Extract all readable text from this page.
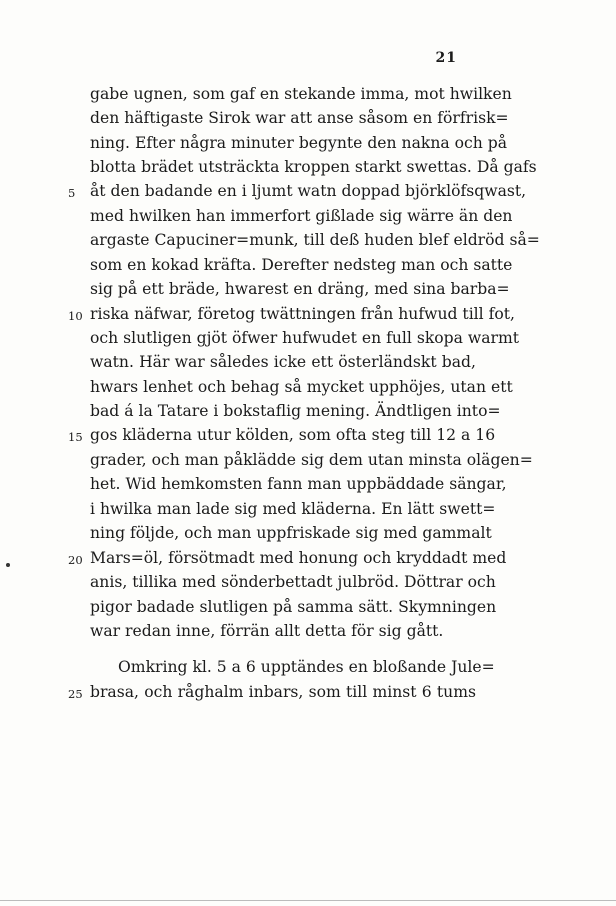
21
gabe ugnen, som gaf en stekande imma, mot hwilken
den häftigaste Sirok war att anse såsom en förfrisk=
ning. Efter några minuter begynte den nakna och på
blotta brädet utsträckta kroppen starkt swettas. Då gafs
åt den badande en i ljumt watn doppad björklöfsqwast,
5
med hwilken han immerfort gißlade sig wärre än den
argaste Capuciner=munk, till deß huden blef eldröd så=
som en kokad kräfta. Derefter nedsteg man och satte
sig på ett bräde, hwarest en dräng, med sina barba=
riska näfwar, företog twättningen från hufwud till fot,
10
och slutligen gjöt öfwer hufwudet en full skopa warmt
watn. Här war således icke ett österländskt bad,
hwars lenhet och behag så mycket upphöjes, utan ett
bad á la Tatare i bokstaflig mening. Ändtligen into=
gos kläderna utur kölden, som ofta steg till 12 a 16
15
grader, och man påklädde sig dem utan minsta olägen=
het. Wid hemkomsten fann man uppbäddade sängar,
i hwilka man lade sig med kläderna. En lätt swett=
ning följde, och man uppfriskade sig med gammalt
Mars=öl, försötmadt med honung och kryddadt med
20
anis, tillika med sönderbettadt julbröd. Döttrar och
pigor badade slutligen på samma sätt. Skymningen
war redan inne, förrän allt detta för sig gått.
Omkring kl. 5 a 6 upptändes en bloßande Jule=
brasa, och råghalm inbars, som till minst 6 tums
25
